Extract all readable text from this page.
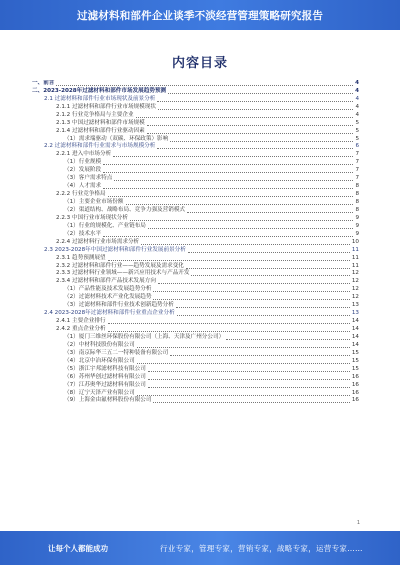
过滤材料和部件企业谈季不淡经营管理策略研究报告
内容目录
一、前言	4
二、2023-2028年过滤材料和部件市场发展趋势预测	4
2.1 过滤材料和部件行业市场现状及前景分析	4
2.1.1 过滤材料和部件行业市场规模现状	4
2.1.2 行业竞争格局与主要企业	4
2.1.3 中国过滤材料和部件市场规模	5
2.1.4 过滤材料和部件行业驱动因素	5
（1）需求端驱动（双碳、环保政策）影响	5
2.2 过滤材料和部件行业需求与市场规模分析	6
2.2.1 进入中市场分析	7
（1）行业规模	7
（2）发展阶段	7
（3）客户需求特点	7
（4）人才需求	8
2.2.2 行业竞争格局	8
（1）主要企业市场份额	8
（2）渠道结构、战略布局、竞争力强及营销模式	8
2.2.3 中国行业市场现状分析	9
（1）行业的规模化、产业链布局	9
（2）技术水平	9
2.2.4 过滤材料行业市场需求分析	10
2.3 2023-2028年中国过滤材料和部件行业发展前景分析	11
2.3.1 趋势预测展望	11
2.3.2 过滤材料和部件行业——趋势发展及需求变化	11
2.3.3 过滤材料行业领域——新兴应用技术与产品开发	12
2.3.4 过滤材料和部件产品技术发展方向	12
（1）产品性能及技术发展趋势分析	12
（2）过滤材料技术产业化发展趋势	12
（3）过滤材料和部件行业技术创新趋势分析	13
2.4 2023-2028年过滤材料和部件行业重点企业分析	13
2.4.1 主要企业排行	14
2.4.2 重点企业分析	14
（1）厦门三维丝环保股份有限公司（上海、天津及广州分公司）	14
（2）中材科技股份有限公司	14
（3）南京际华三五二一特种装备有限公司	15
（4）北京中冶环保有限公司	15
（5）浙江宇邦滤材科技有限公司	15
（6）苏州华创过滤材料有限公司	16
（7）江苏奥华过滤材料有限公司	16
（8）辽宁天泽产业有限公司	16
（9）上海金由氟材料股份有限公司	16
1
让每个人都能成功	行业专家，管理专家，营销专家，战略专家，运营专家……
